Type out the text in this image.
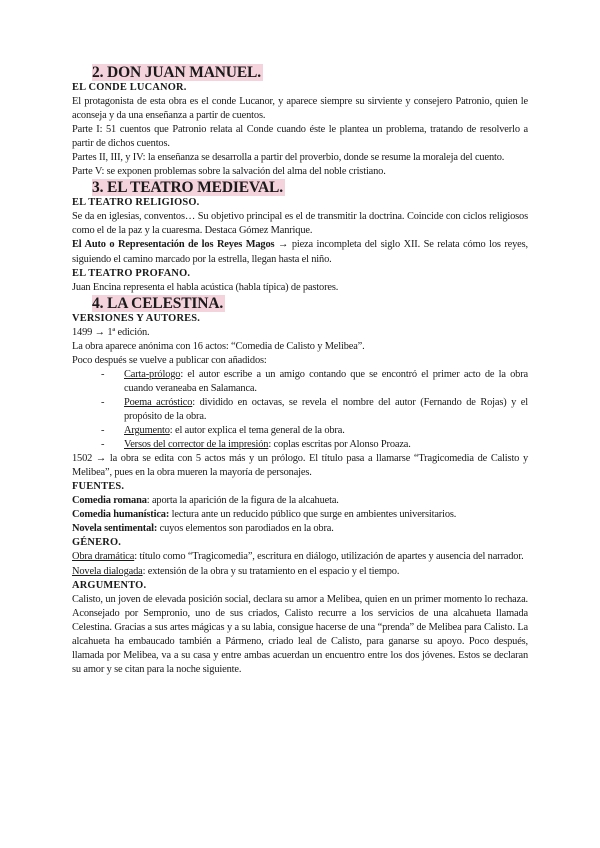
2. DON JUAN MANUEL.

EL CONDE LUCANOR.

El protagonista de esta obra es el conde Lucanor, y aparece siempre su sirviente y consejero Patronio, quien le aconseja y da una enseñanza a partir de cuentos.

Parte I: 51 cuentos que Patronio relata al Conde cuando éste le plantea un problema, tratando de resolverlo a partir de dichos cuentos.

Partes II, III, y IV: la enseñanza se desarrolla a partir del proverbio, donde se resume la moraleja del cuento.

Parte V: se exponen problemas sobre la salvación del alma del noble cristiano.

3. EL TEATRO MEDIEVAL.

EL TEATRO RELIGIOSO.

Se da en iglesias, conventos… Su objetivo principal es el de transmitir la doctrina. Coincide con ciclos religiosos como el de la paz y la cuaresma. Destaca Gómez Manrique.

El Auto o Representación de los Reyes Magos → pieza incompleta del siglo XII. Se relata cómo los reyes, siguiendo el camino marcado por la estrella, llegan hasta el niño.

EL TEATRO PROFANO.

Juan Encina representa el habla acústica (habla típica) de pastores.

4. LA CELESTINA.

VERSIONES Y AUTORES.

1499 → 1ª edición.

La obra aparece anónima con 16 actos: “Comedia de Calisto y Melibea”.

Poco después se vuelve a publicar con añadidos:

- Carta-prólogo: el autor escribe a un amigo contando que se encontró el primer acto de la obra cuando veraneaba en Salamanca.
- Poema acróstico: dividido en octavas, se revela el nombre del autor (Fernando de Rojas) y el propósito de la obra.
- Argumento: el autor explica el tema general de la obra.
- Versos del corrector de la impresión: coplas escritas por Alonso Proaza.

1502 → la obra se edita con 5 actos más y un prólogo. El título pasa a llamarse “Tragicomedia de Calisto y Melibea”, pues en la obra mueren la mayoría de personajes.

FUENTES.

Comedia romana: aporta la aparición de la figura de la alcahueta.

Comedia humanística: lectura ante un reducido público que surge en ambientes universitarios.

Novela sentimental: cuyos elementos son parodiados en la obra.

GÉNERO.

Obra dramática: título como “Tragicomedia”, escritura en diálogo, utilización de apartes y ausencia del narrador.

Novela dialogada: extensión de la obra y su tratamiento en el espacio y el tiempo.

ARGUMENTO.

Calisto, un joven de elevada posición social, declara su amor a Melibea, quien en un primer momento lo rechaza. Aconsejado por Sempronio, uno de sus criados, Calisto recurre a los servicios de una alcahueta llamada Celestina. Gracias a sus artes mágicas y a su labia, consigue hacerse de una “prenda” de Melibea para Calisto. La alcahueta ha embaucado también a Pármeno, criado leal de Calisto, para ganarse su apoyo. Poco después, llamada por Melibea, va a su casa y entre ambas acuerdan un encuentro entre los dos jóvenes. Estos se declaran su amor y se citan para la noche siguiente.
